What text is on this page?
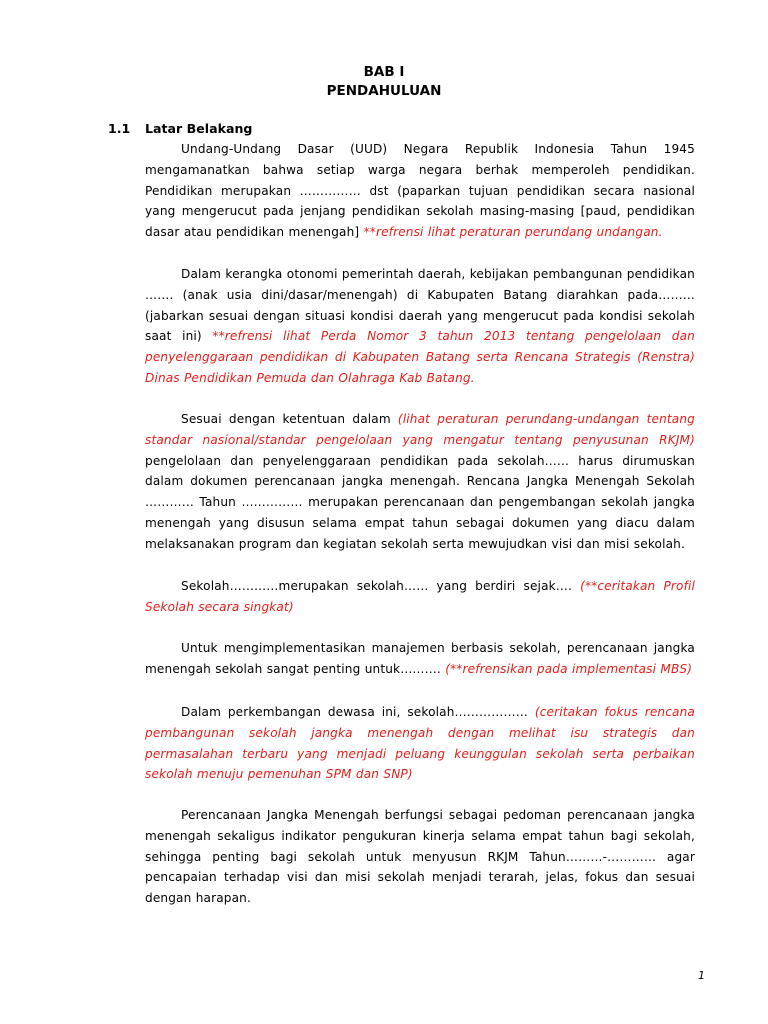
BAB I
PENDAHULUAN
1.1 Latar Belakang

Undang-Undang Dasar (UUD) Negara Republik Indonesia Tahun 1945 mengamanatkan bahwa setiap warga negara berhak memperoleh pendidikan. Pendidikan merupakan …………… dst (paparkan tujuan pendidikan secara nasional yang mengerucut pada jenjang pendidikan sekolah masing-masing [paud, pendidikan dasar atau pendidikan menengah] **refrensi lihat peraturan perundang undangan.

Dalam kerangka otonomi pemerintah daerah, kebijakan pembangunan pendidikan ……. (anak usia dini/dasar/menengah) di Kabupaten Batang diarahkan pada……… (jabarkan sesuai dengan situasi kondisi daerah yang mengerucut pada kondisi sekolah saat ini) **refrensi lihat Perda Nomor 3 tahun 2013 tentang pengelolaan dan penyelenggaraan pendidikan di Kabupaten Batang serta Rencana Strategis (Renstra) Dinas Pendidikan Pemuda dan Olahraga Kab Batang.

Sesuai dengan ketentuan dalam (lihat peraturan perundang-undangan tentang standar nasional/standar pengelolaan yang mengatur tentang penyusunan RKJM) pengelolaan dan penyelenggaraan pendidikan pada sekolah…… harus dirumuskan dalam dokumen perencanaan jangka menengah. Rencana Jangka Menengah Sekolah ………… Tahun …………… merupakan perencanaan dan pengembangan sekolah jangka menengah yang disusun selama empat tahun sebagai dokumen yang diacu dalam melaksanakan program dan kegiatan sekolah serta mewujudkan visi dan misi sekolah.

Sekolah…………merupakan sekolah…… yang berdiri sejak…. (**ceritakan Profil Sekolah secara singkat)

Untuk mengimplementasikan manajemen berbasis sekolah, perencanaan jangka menengah sekolah sangat penting untuk………. (**refrensikan pada implementasi MBS)

Dalam perkembangan dewasa ini, sekolah……………… (ceritakan fokus rencana pembangunan sekolah jangka menengah dengan melihat isu strategis dan permasalahan terbaru yang menjadi peluang keunggulan sekolah serta perbaikan sekolah menuju pemenuhan SPM dan SNP)

Perencanaan Jangka Menengah berfungsi sebagai pedoman perencanaan jangka menengah sekaligus indikator pengukuran kinerja selama empat tahun bagi sekolah, sehingga penting bagi sekolah untuk menyusun RKJM Tahun………-………… agar pencapaian terhadap visi dan misi sekolah menjadi terarah, jelas, fokus dan sesuai dengan harapan.

1
